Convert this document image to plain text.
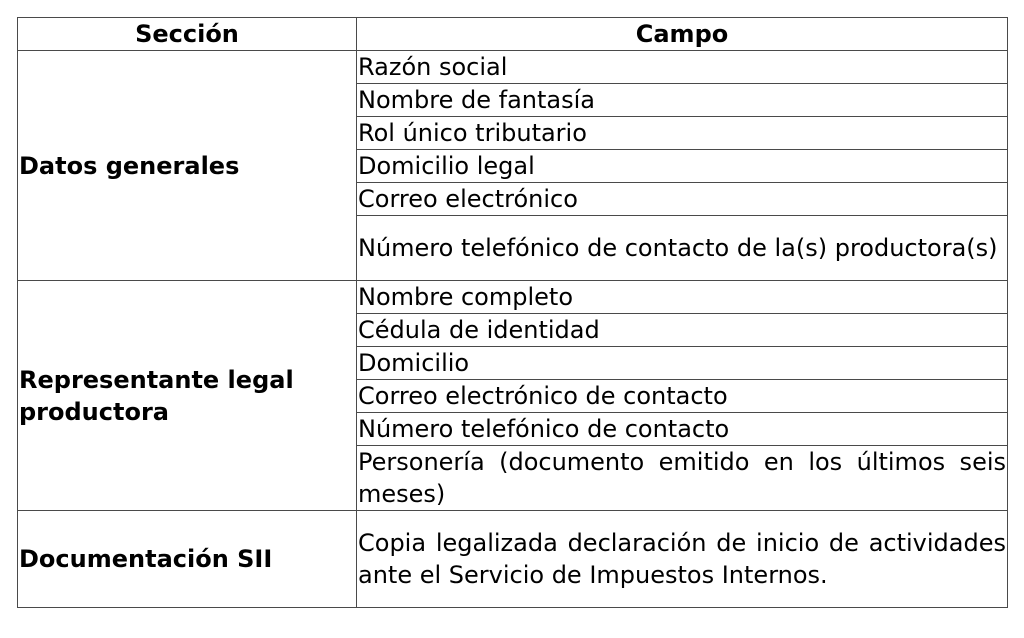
Sección	Campo
Datos generales	Razón social
	Nombre de fantasía
	Rol único tributario
	Domicilio legal
	Correo electrónico
	Número telefónico de contacto de la(s) productora(s)
Representante legal productora	Nombre completo
	Cédula de identidad
	Domicilio
	Correo electrónico de contacto
	Número telefónico de contacto
	Personería (documento emitido en los últimos seis meses)
Documentación SII	Copia legalizada declaración de inicio de actividades ante el Servicio de Impuestos Internos.
